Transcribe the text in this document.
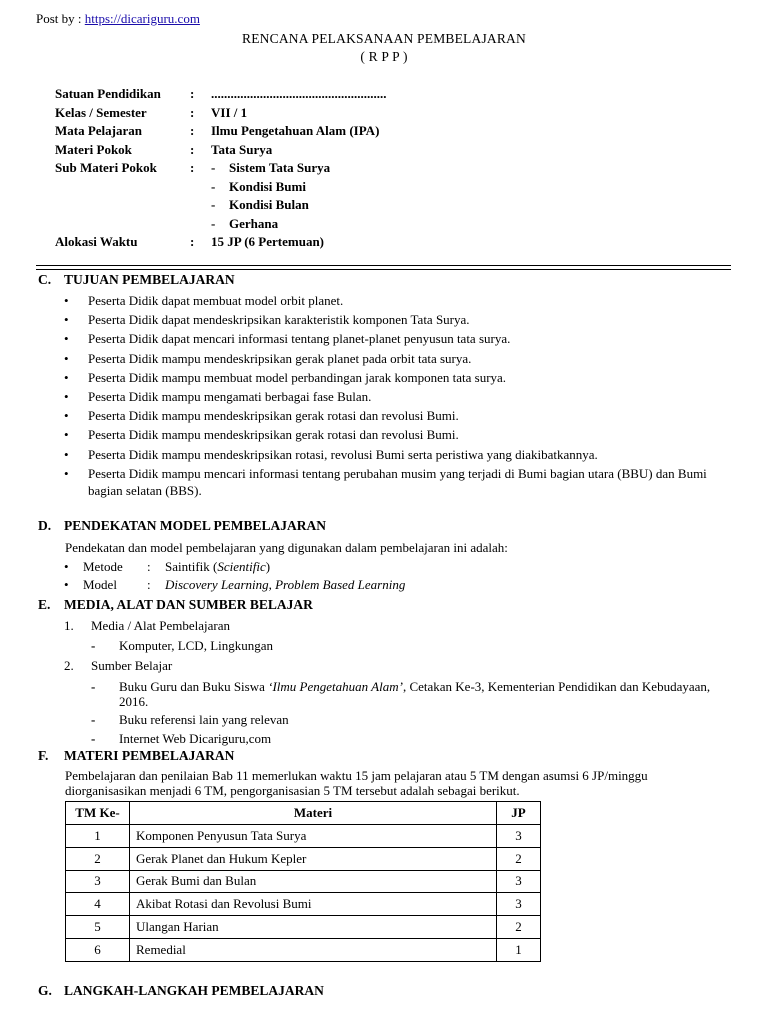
Post by : https://dicariguru.com
RENCANA PELAKSANAAN PEMBELAJARAN
( R P P )
Satuan Pendidikan : ......................................................
Kelas / Semester	: VII / 1
Mata Pelajaran	: Ilmu Pengetahuan Alam (IPA)
Materi Pokok	: Tata Surya
Sub Materi Pokok	: - Sistem Tata Surya
- Kondisi Bumi
- Kondisi Bulan
- Gerhana
Alokasi Waktu	: 15 JP (6 Pertemuan)
C. TUJUAN PEMBELAJARAN
• Peserta Didik dapat membuat model orbit planet.
• Peserta Didik dapat mendeskripsikan karakteristik komponen Tata Surya.
• Peserta Didik dapat mencari informasi tentang planet-planet penyusun tata surya.
• Peserta Didik mampu mendeskripsikan gerak planet pada orbit tata surya.
• Peserta Didik mampu membuat model perbandingan jarak komponen tata surya.
• Peserta Didik mampu mengamati berbagai fase Bulan.
• Peserta Didik mampu mendeskripsikan gerak rotasi dan revolusi Bumi.
• Peserta Didik mampu mendeskripsikan gerak rotasi dan revolusi Bumi.
• Peserta Didik mampu mendeskripsikan rotasi, revolusi Bumi serta peristiwa yang diakibatkannya.
• Peserta Didik mampu mencari informasi tentang perubahan musim yang terjadi di Bumi bagian utara (BBU) dan Bumi bagian selatan (BBS).
D. PENDEKATAN MODEL PEMBELAJARAN
Pendekatan dan model pembelajaran yang digunakan dalam pembelajaran ini adalah:
• Metode : Saintifik (Scientific)
• Model : Discovery Learning, Problem Based Learning
E. MEDIA, ALAT DAN SUMBER BELAJAR
1. Media / Alat Pembelajaran
-	Komputer, LCD, Lingkungan
2. Sumber Belajar
-	Buku Guru dan Buku Siswa ‘Ilmu Pengetahuan Alam’, Cetakan Ke-3, Kementerian Pendidikan dan Kebudayaan, 2016.
-	Buku referensi lain yang relevan
-	Internet Web Dicariguru,com
F. MATERI PEMBELAJARAN
Pembelajaran dan penilaian Bab 11 memerlukan waktu 15 jam pelajaran atau 5 TM dengan asumsi 6 JP/minggu diorganisasikan menjadi 6 TM, pengorganisasian 5 TM tersebut adalah sebagai berikut.
TM Ke-	Materi	JP
1	Komponen Penyusun Tata Surya	3
2	Gerak Planet dan Hukum Kepler	2
3	Gerak Bumi dan Bulan	3
4	Akibat Rotasi dan Revolusi Bumi	3
5	Ulangan Harian	2
6	Remedial	1
G. LANGKAH-LANGKAH PEMBELAJARAN
